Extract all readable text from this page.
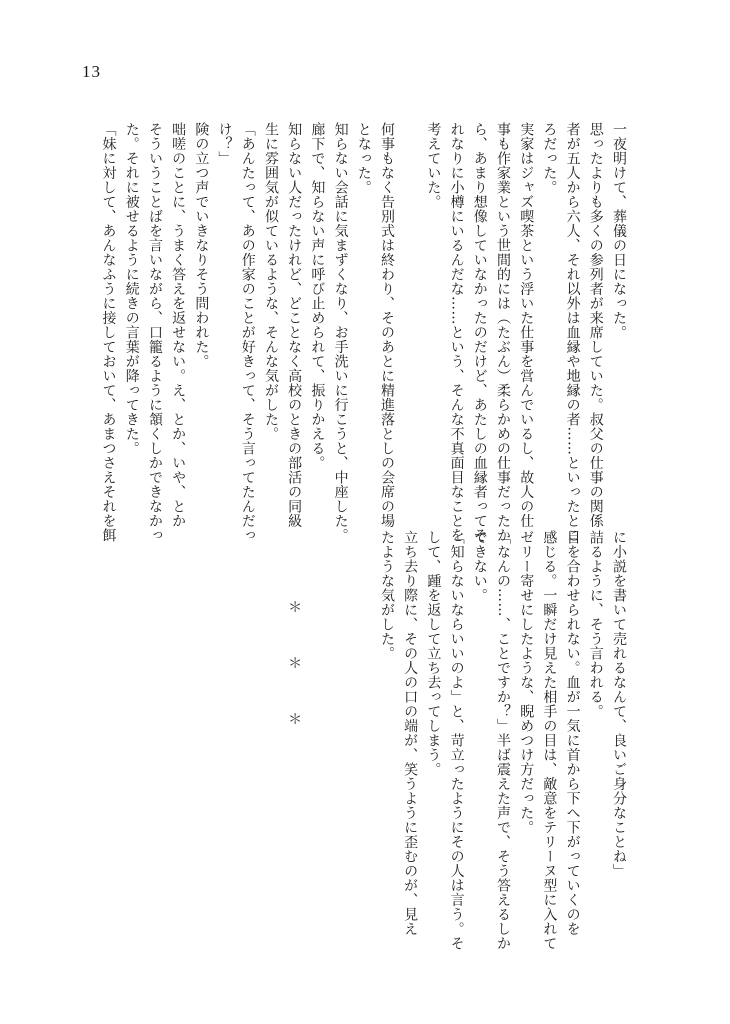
13

一夜明けて、葬儀の日になった。

思ったよりも多くの参列者が来席していた。叔父の仕事の関係

者が五人から六人、それ以外は血縁や地縁の者……といったとこ

ろだった。

実家はジャズ喫茶という浮いた仕事を営んでいるし、故人の仕

事も作家業という世間的には（たぶん）柔らかめの仕事だったか

ら、あまり想像していなかったのだけど、あたしの血縁者ってそ

れなりに小樽にいるんだな……という、そんな不真面目なことを

考えていた。

何事もなく告別式は終わり、そのあとに精進落としの会席の場

となった。

知らない会話に気まずくなり、お手洗いに行こうと、中座した。

廊下で、知らない声に呼び止められて、振りかえる。

知らない人だったけれど、どことなく高校のときの部活の同級

生に雰囲気が似ているような、そんな気がした。

「あんたって、あの作家のことが好きって、そう言ってたんだっ

け？」

険の立つ声でいきなりそう問われた。

咄嗟のことに、うまく答えを返せない。え、とか、いや、とか

そういうことばを言いながら、口籠るように頷くしかできなかっ

た。それに被せるように続きの言葉が降ってきた。

「妹に対して、あんなふうに接しておいて、あまつさえそれを餌

に小説を書いて売れるなんて、良いご身分なことね」

詰るように、そう言われる。

目を合わせられない。血が一気に首から下へ下がっていくのを

感じる。一瞬だけ見えた相手の目は、敵意をテリーヌ型に入れて

ゼリー寄せにしたような、睨めつけ方だった。

「なんの……、ことですか？」半ば震えた声で、そう答えるしか

できない。

「知らないならいいのよ」と、苛立ったようにその人は言う。そ

して、踵を返して立ち去ってしまう。

立ち去り際に、その人の口の端が、笑うように歪むのが、見え

たような気がした。

＊　＊　＊
